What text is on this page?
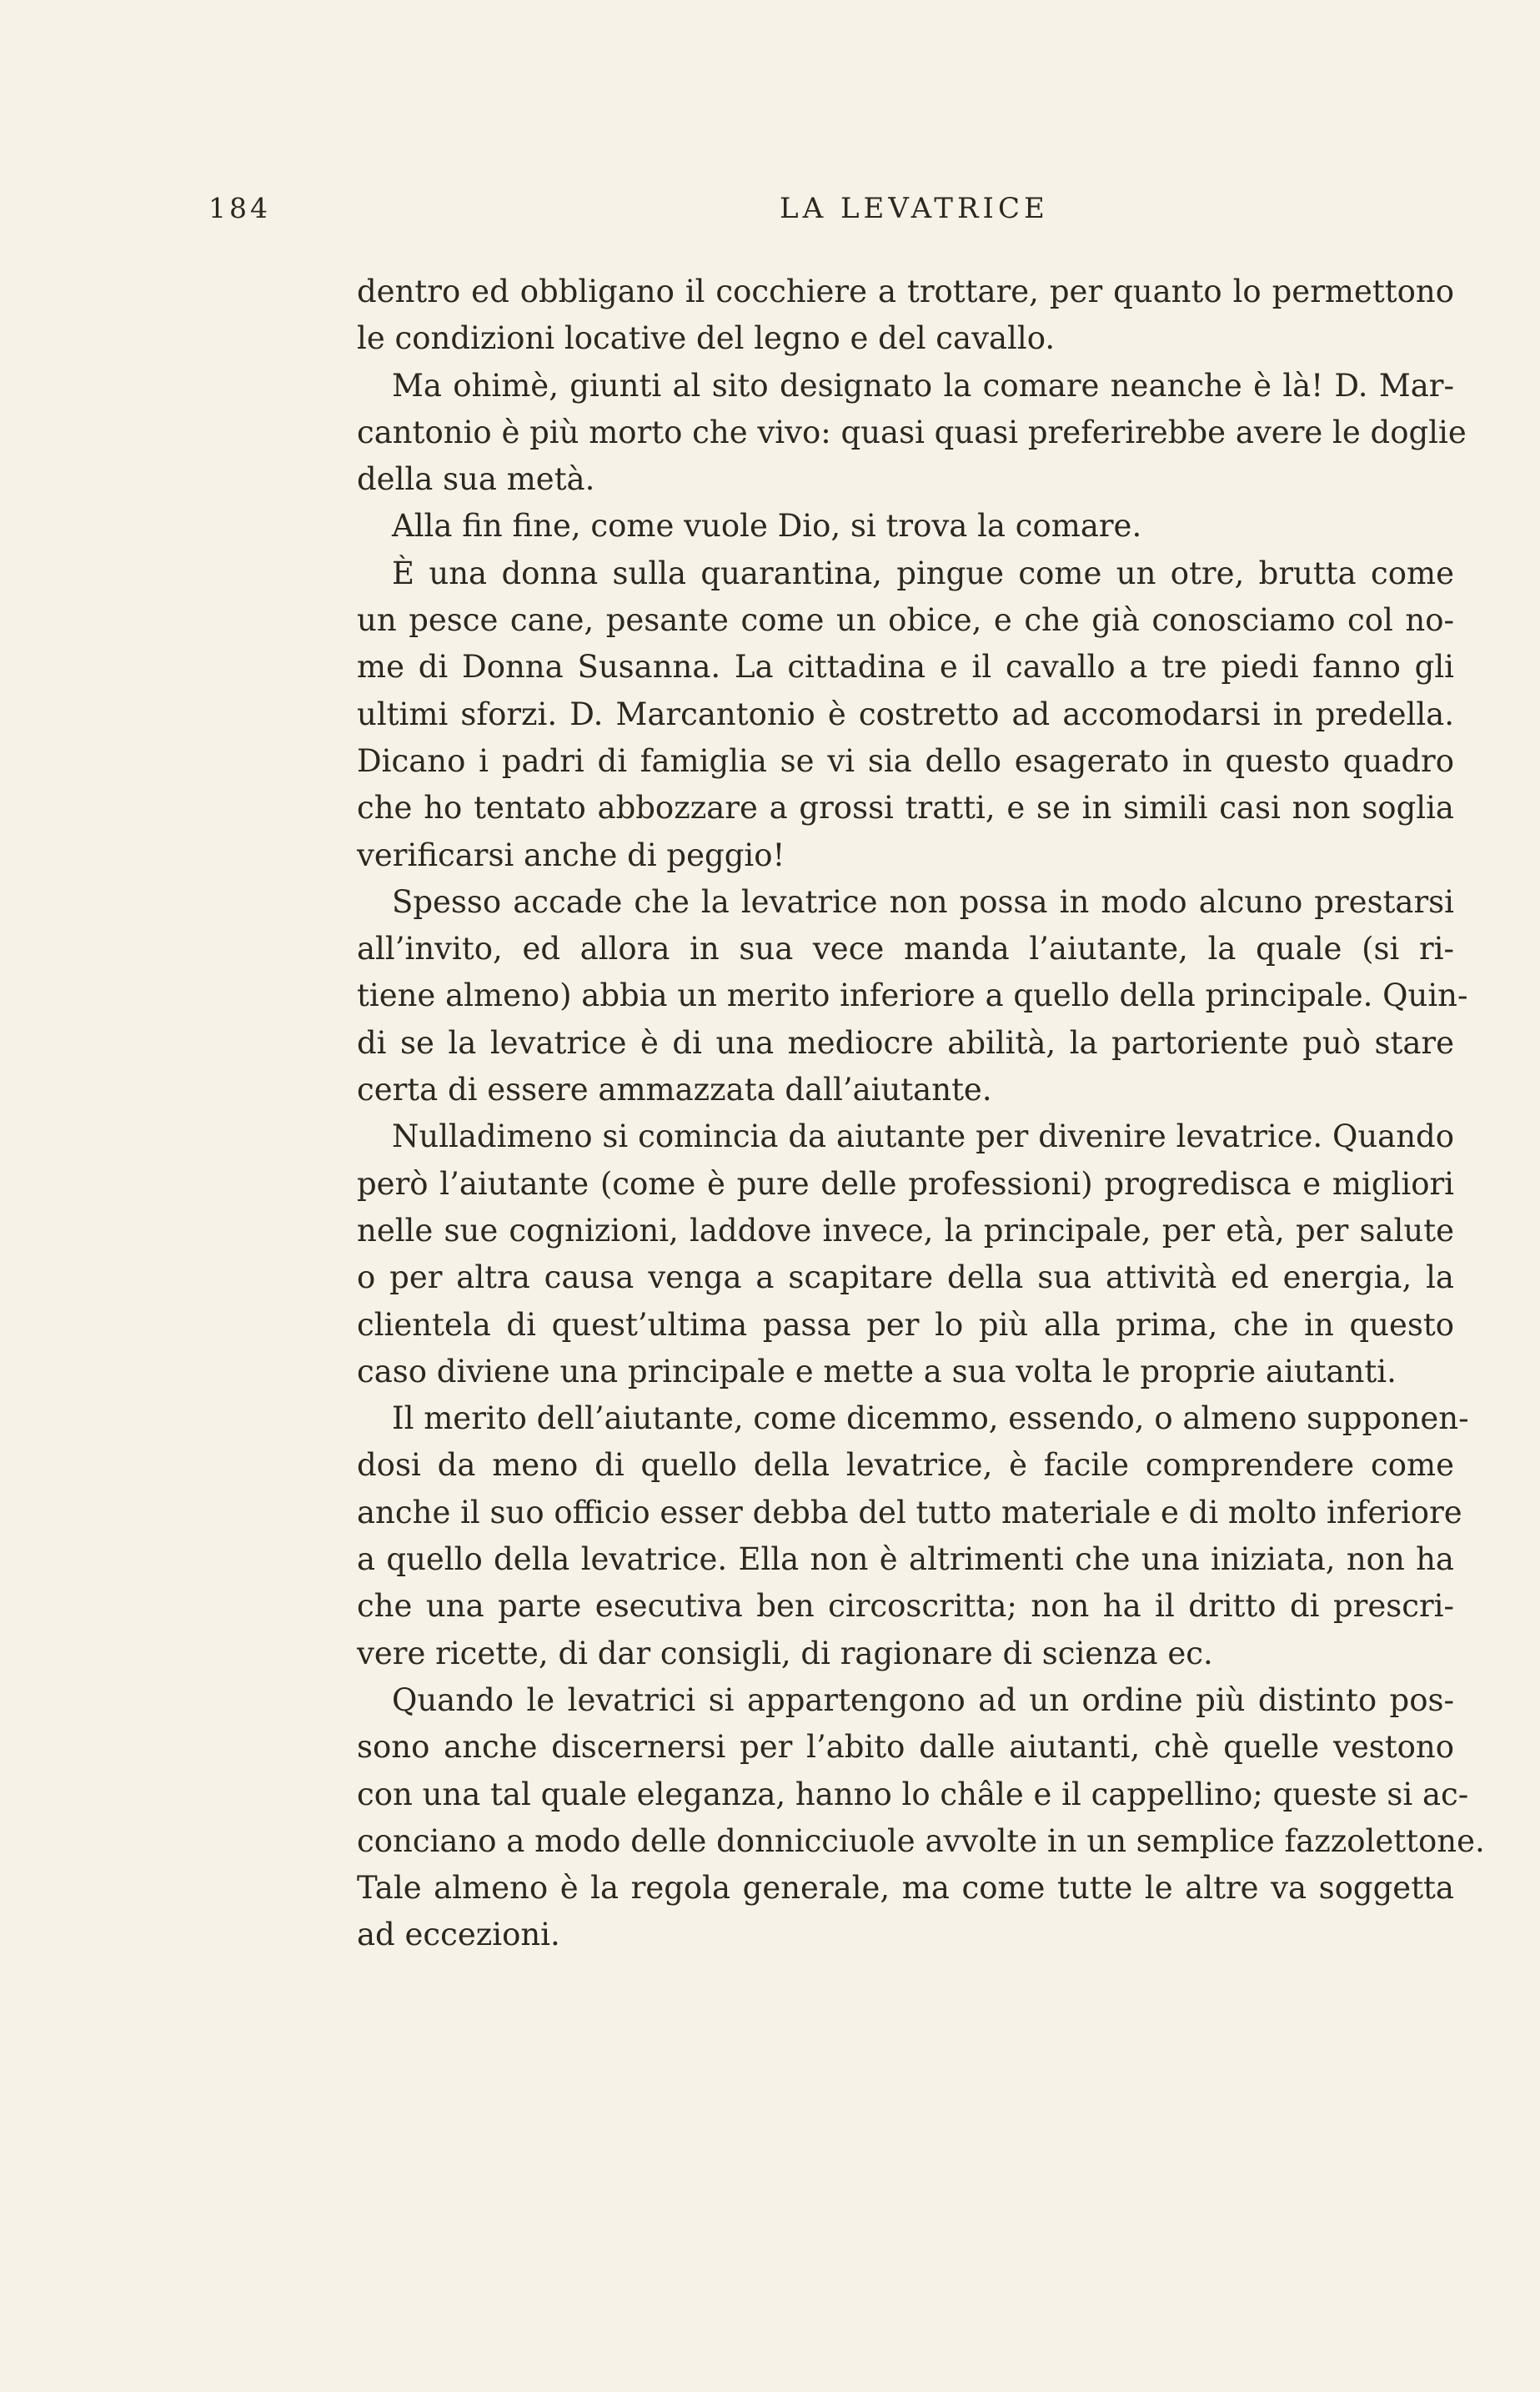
184	LA LEVATRICE
dentro ed obbligano il cocchiere a trottare, per quanto lo permettono
le condizioni locative del legno e del cavallo.
Ma ohimè, giunti al sito designato la comare neanche è là! D. Mar-
cantonio è più morto che vivo: quasi quasi preferirebbe avere le doglie
della sua metà.
Alla fin fine, come vuole Dio, si trova la comare.
È una donna sulla quarantina, pingue come un otre, brutta come
un pesce cane, pesante come un obice, e che già conosciamo col no-
me di Donna Susanna. La cittadina e il cavallo a tre piedi fanno gli
ultimi sforzi. D. Marcantonio è costretto ad accomodarsi in predella.
Dicano i padri di famiglia se vi sia dello esagerato in questo quadro
che ho tentato abbozzare a grossi tratti, e se in simili casi non soglia
verificarsi anche di peggio!
Spesso accade che la levatrice non possa in modo alcuno prestarsi
all’invito, ed allora in sua vece manda l’aiutante, la quale (si ri-
tiene almeno) abbia un merito inferiore a quello della principale. Quin-
di se la levatrice è di una mediocre abilità, la partoriente può stare
certa di essere ammazzata dall’aiutante.
Nulladimeno si comincia da aiutante per divenire levatrice. Quando
però l’aiutante (come è pure delle professioni) progredisca e migliori
nelle sue cognizioni, laddove invece, la principale, per età, per salute
o per altra causa venga a scapitare della sua attività ed energia, la
clientela di quest’ultima passa per lo più alla prima, che in questo
caso diviene una principale e mette a sua volta le proprie aiutanti.
Il merito dell’aiutante, come dicemmo, essendo, o almeno supponen-
dosi da meno di quello della levatrice, è facile comprendere come
anche il suo officio esser debba del tutto materiale e di molto inferiore
a quello della levatrice. Ella non è altrimenti che una iniziata, non ha
che una parte esecutiva ben circoscritta; non ha il dritto di prescri-
vere ricette, di dar consigli, di ragionare di scienza ec.
Quando le levatrici si appartengono ad un ordine più distinto pos-
sono anche discernersi per l’abito dalle aiutanti, chè quelle vestono
con una tal quale eleganza, hanno lo châle e il cappellino; queste si ac-
conciano a modo delle donnicciuole avvolte in un semplice fazzolettone.
Tale almeno è la regola generale, ma come tutte le altre va soggetta
ad eccezioni.
